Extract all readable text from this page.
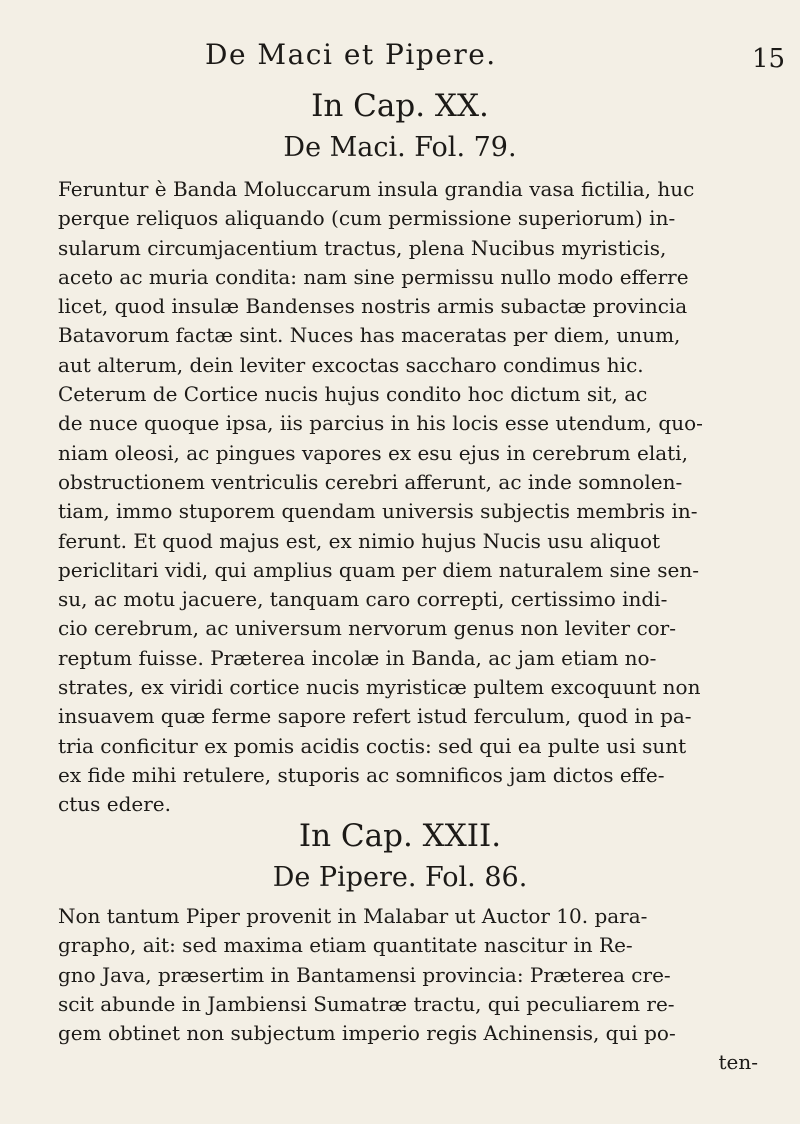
De Maci et Pipere.	15
In Cap. XX.
De Maci. Fol. 79.
Feruntur è Banda Moluccarum insula grandia vasa fictilia, huc
perque reliquos aliquando (cum permissione superiorum) in-
sularum circumjacentium tractus, plena Nucibus myristicis,
aceto ac muria condita: nam sine permissu nullo modo efferre
licet, quod insulæ Bandenses nostris armis subactæ provincia
Batavorum factæ sint. Nuces has maceratas per diem, unum,
aut alterum, dein leviter excoctas saccharo condimus hic.
Ceterum de Cortice nucis hujus condito hoc dictum sit, ac
de nuce quoque ipsa, iis parcius in his locis esse utendum, quo-
niam oleosi, ac pingues vapores ex esu ejus in cerebrum elati,
obstructionem ventriculis cerebri afferunt, ac inde somnolen-
tiam, immo stuporem quendam universis subjectis membris in-
ferunt. Et quod majus est, ex nimio hujus Nucis usu aliquot
periclitari vidi, qui amplius quam per diem naturalem sine sen-
su, ac motu jacuere, tanquam caro correpti, certissimo indi-
cio cerebrum, ac universum nervorum genus non leviter cor-
reptum fuisse. Præterea incolæ in Banda, ac jam etiam no-
strates, ex viridi cortice nucis myristicæ pultem excoquunt non
insuavem quæ ferme sapore refert istud ferculum, quod in pa-
tria conficitur ex pomis acidis coctis: sed qui ea pulte usi sunt
ex fide mihi retulere, stuporis ac somnificos jam dictos effe-
ctus edere.
In Cap. XXII.
De Pipere. Fol. 86.
Non tantum Piper provenit in Malabar ut Auctor 10. para-
grapho, ait: sed maxima etiam quantitate nascitur in Re-
gno Java, præsertim in Bantamensi provincia: Præterea cre-
scit abunde in Jambiensi Sumatræ tractu, qui peculiarem re-
gem obtinet non subjectum imperio regis Achinensis, qui po-
ten-
